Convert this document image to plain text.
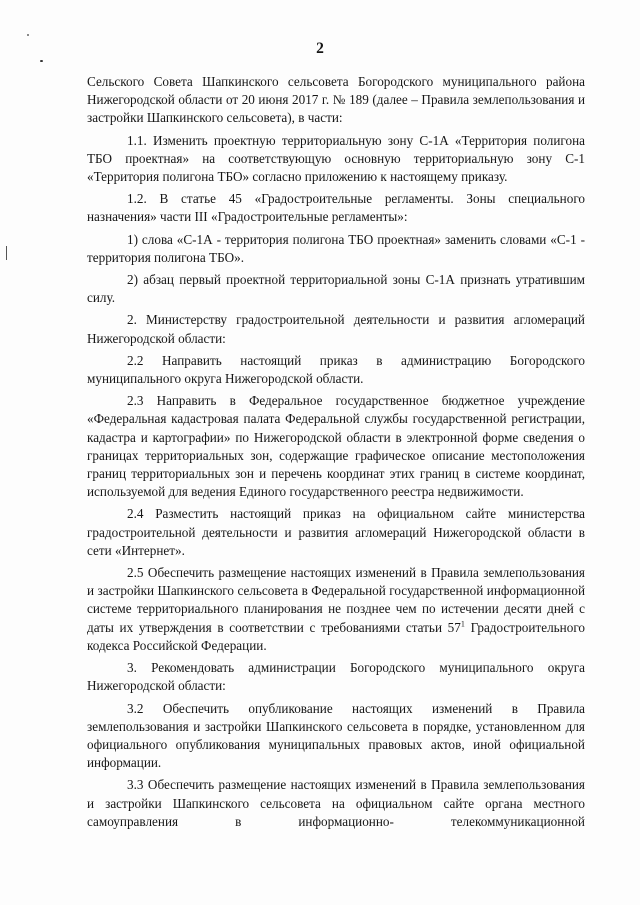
2

Сельского Совета Шапкинского сельсовета Богородского муниципального района Нижегородской области от 20 июня 2017 г. № 189 (далее – Правила землепользования и застройки Шапкинского сельсовета), в части:

1.1. Изменить проектную территориальную зону С-1А «Территория полигона ТБО проектная» на соответствующую основную территориальную зону С-1 «Территория полигона ТБО» согласно приложению к настоящему приказу.

1.2. В статье 45 «Градостроительные регламенты. Зоны специального назначения» части III «Градостроительные регламенты»:

1) слова «С-1А - территория полигона ТБО проектная» заменить словами «С-1 - территория полигона ТБО».

2) абзац первый проектной территориальной зоны С-1А признать утратившим силу.

2. Министерству градостроительной деятельности и развития агломераций Нижегородской области:

2.2 Направить настоящий приказ в администрацию Богородского муниципального округа Нижегородской области.

2.3 Направить в Федеральное государственное бюджетное учреждение «Федеральная кадастровая палата Федеральной службы государственной регистрации, кадастра и картографии» по Нижегородской области в электронной форме сведения о границах территориальных зон, содержащие графическое описание местоположения границ территориальных зон и перечень координат этих границ в системе координат, используемой для ведения Единого государственного реестра недвижимости.

2.4 Разместить настоящий приказ на официальном сайте министерства градостроительной деятельности и развития агломераций Нижегородской области в сети «Интернет».

2.5 Обеспечить размещение настоящих изменений в Правила землепользования и застройки Шапкинского сельсовета в Федеральной государственной информационной системе территориального планирования не позднее чем по истечении десяти дней с даты их утверждения в соответствии с требованиями статьи $57^1$ Градостроительного кодекса Российской Федерации.

3. Рекомендовать администрации Богородского муниципального округа Нижегородской области:

3.2 Обеспечить опубликование настоящих изменений в Правила землепользования и застройки Шапкинского сельсовета в порядке, установленном для официального опубликования муниципальных правовых актов, иной официальной информации.

3.3 Обеспечить размещение настоящих изменений в Правила землепользования и застройки Шапкинского сельсовета на официальном сайте органа местного самоуправления в информационно- телекоммуникационной
